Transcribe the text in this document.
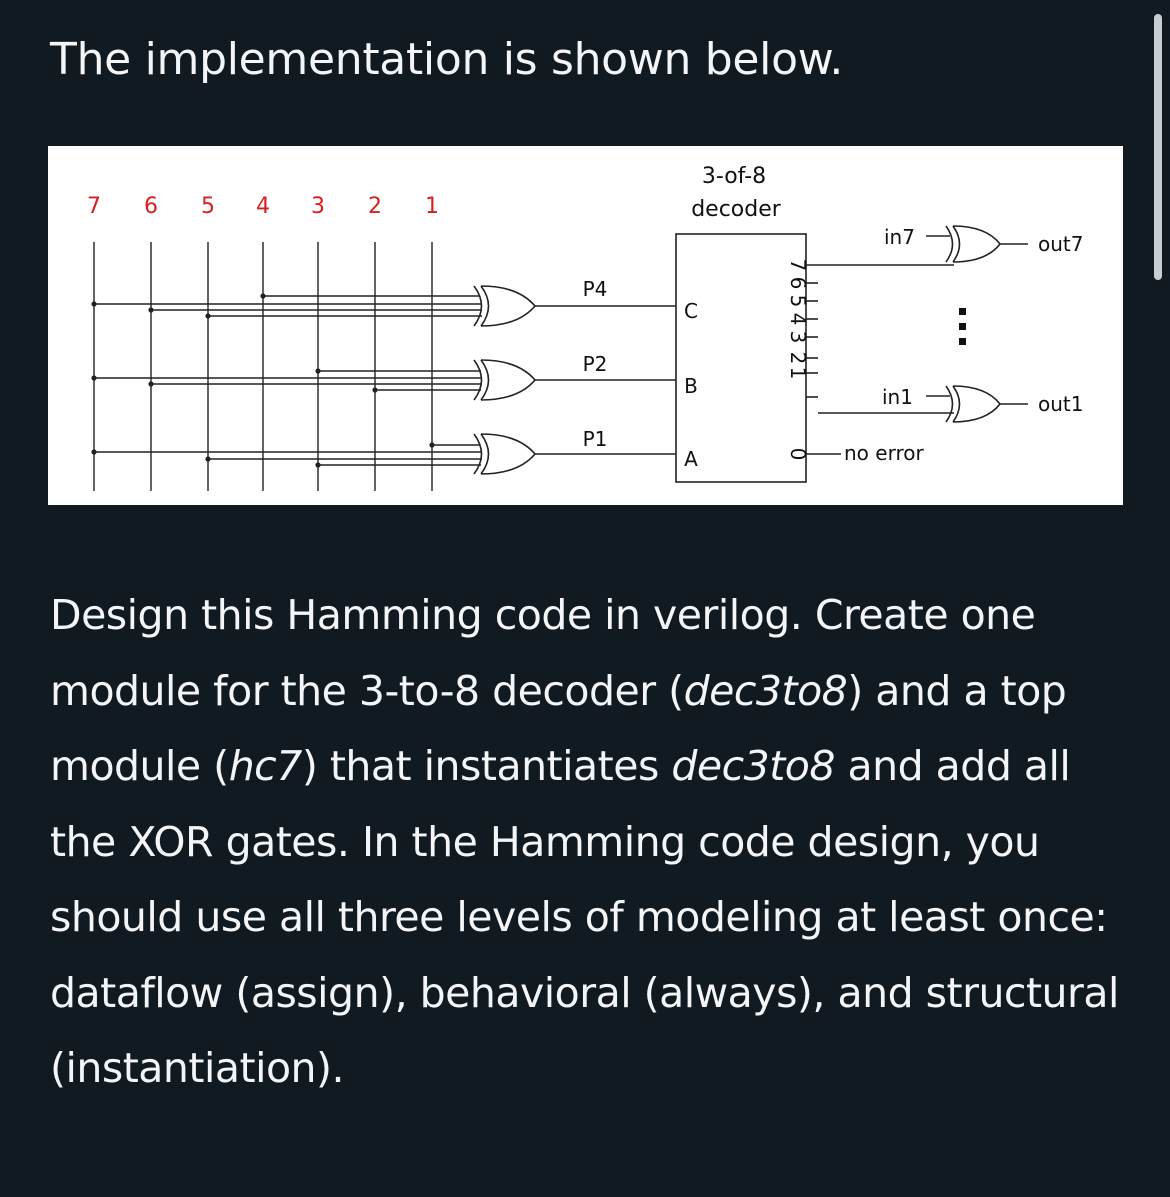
The implementation is shown below.
7 6 5 4 3 2 1
P4
P2
P1
3-of-8
decoder
C
B
A
7
6
5
4
3
2
1
0
in7	out7
in1	out1
no error

Design this Hamming code in verilog. Create one module for the 3-to-8 decoder (dec3to8) and a top module (hc7) that instantiates dec3to8 and add all the XOR gates. In the Hamming code design, you should use all three levels of modeling at least once: dataflow (assign), behavioral (always), and structural (instantiation).
